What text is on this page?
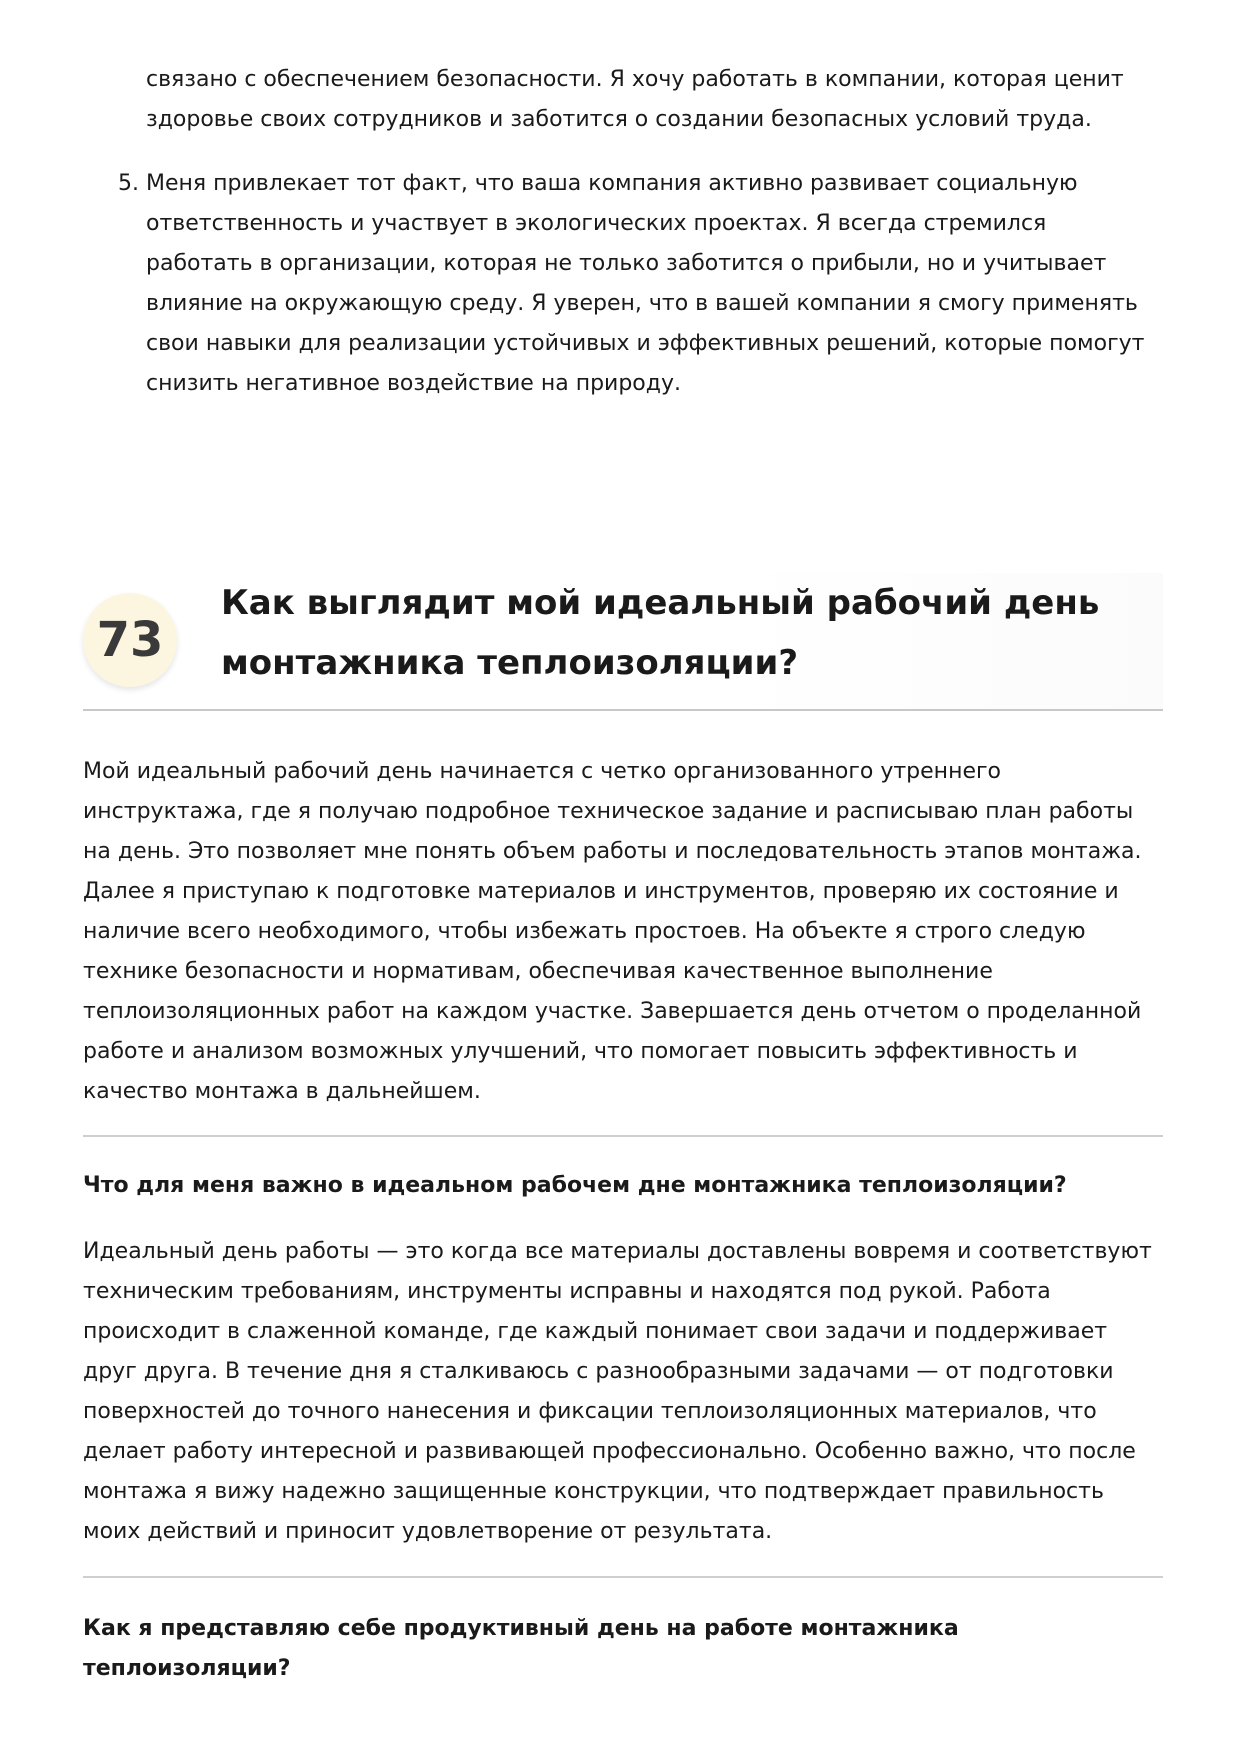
связано с обеспечением безопасности. Я хочу работать в компании, которая ценит здоровье своих сотрудников и заботится о создании безопасных условий труда.

5. Меня привлекает тот факт, что ваша компания активно развивает социальную ответственность и участвует в экологических проектах. Я всегда стремился работать в организации, которая не только заботится о прибыли, но и учитывает влияние на окружающую среду. Я уверен, что в вашей компании я смогу применять свои навыки для реализации устойчивых и эффективных решений, которые помогут снизить негативное воздействие на природу.
73
Как выглядит мой идеальный рабочий день монтажника теплоизоляции?

Мой идеальный рабочий день начинается с четко организованного утреннего инструктажа, где я получаю подробное техническое задание и расписываю план работы на день. Это позволяет мне понять объем работы и последовательность этапов монтажа. Далее я приступаю к подготовке материалов и инструментов, проверяю их состояние и наличие всего необходимого, чтобы избежать простоев. На объекте я строго следую технике безопасности и нормативам, обеспечивая качественное выполнение теплоизоляционных работ на каждом участке. Завершается день отчетом о проделанной работе и анализом возможных улучшений, что помогает повысить эффективность и качество монтажа в дальнейшем.

Что для меня важно в идеальном рабочем дне монтажника теплоизоляции?

Идеальный день работы — это когда все материалы доставлены вовремя и соответствуют техническим требованиям, инструменты исправны и находятся под рукой. Работа происходит в слаженной команде, где каждый понимает свои задачи и поддерживает друг друга. В течение дня я сталкиваюсь с разнообразными задачами — от подготовки поверхностей до точного нанесения и фиксации теплоизоляционных материалов, что делает работу интересной и развивающей профессионально. Особенно важно, что после монтажа я вижу надежно защищенные конструкции, что подтверждает правильность моих действий и приносит удовлетворение от результата.

Как я представляю себе продуктивный день на работе монтажника теплоизоляции?
